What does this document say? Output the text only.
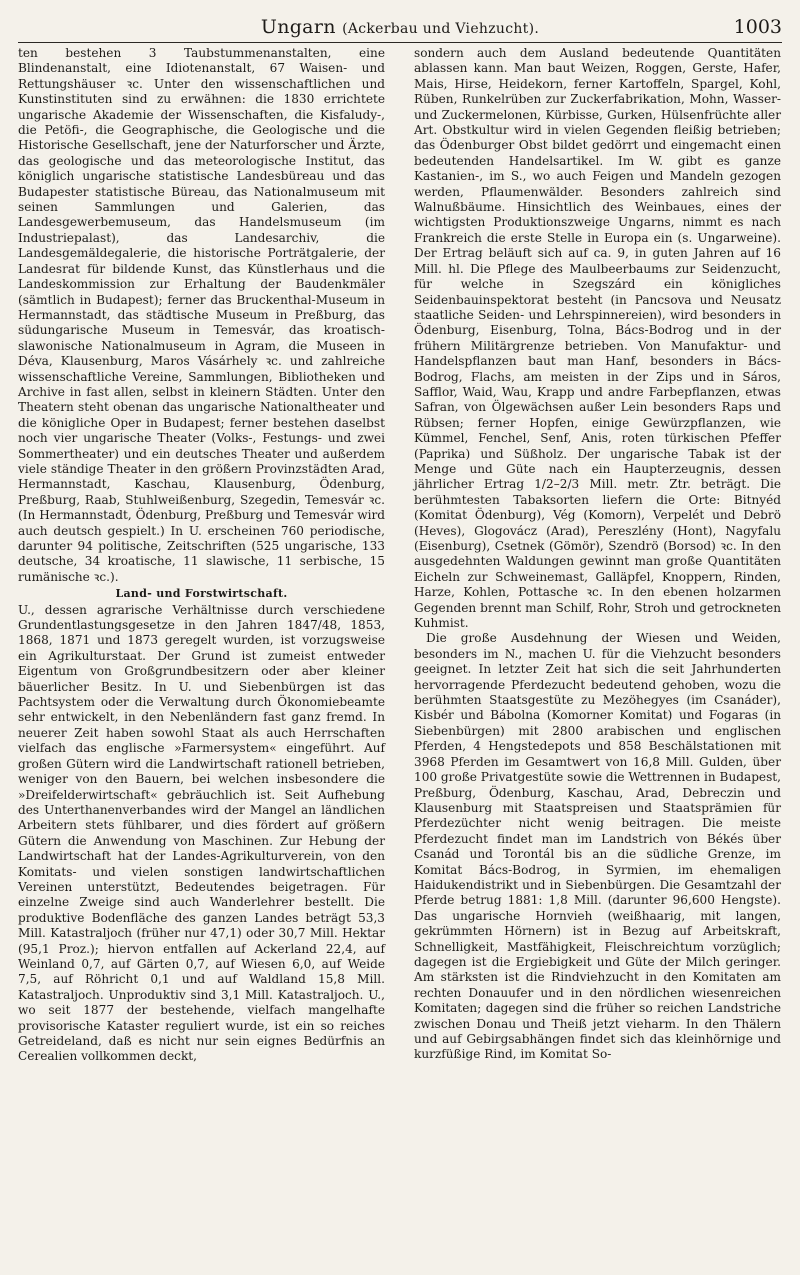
Ungarn (Ackerbau und Viehzucht).	1003

ten bestehen 3 Taubstummenanstalten, eine Blindenanstalt, eine Idiotenanstalt, 67 Waisen- und Rettungshäuser ꝛc. Unter den wissenschaftlichen und Kunstinstituten sind zu erwähnen: die 1830 errichtete ungarische Akademie der Wissenschaften, die Kisfaludy-, die Petöfi-, die Geographische, die Geologische und die Historische Gesellschaft, jene der Naturforscher und Ärzte, das geologische und das meteorologische Institut, das königlich ungarische statistische Landesbüreau und das Budapester statistische Büreau, das Nationalmuseum mit seinen Sammlungen und Galerien, das Landesgewerbemuseum, das Handelsmuseum (im Industriepalast), das Landesarchiv, die Landesgemäldegalerie, die historische Porträtgalerie, der Landesrat für bildende Kunst, das Künstlerhaus und die Landeskommission zur Erhaltung der Baudenkmäler (sämtlich in Budapest); ferner das Bruckenthal-Museum in Hermannstadt, das städtische Museum in Preßburg, das südungarische Museum in Temesvár, das kroatisch-slawonische Nationalmuseum in Agram, die Museen in Déva, Klausenburg, Maros Vásárhely ꝛc. und zahlreiche wissenschaftliche Vereine, Sammlungen, Bibliotheken und Archive in fast allen, selbst in kleinern Städten. Unter den Theatern steht obenan das ungarische Nationaltheater und die königliche Oper in Budapest; ferner bestehen daselbst noch vier ungarische Theater (Volks-, Festungs- und zwei Sommertheater) und ein deutsches Theater und außerdem viele ständige Theater in den größern Provinzstädten Arad, Hermannstadt, Kaschau, Klausenburg, Ödenburg, Preßburg, Raab, Stuhlweißenburg, Szegedin, Temesvár ꝛc. (In Hermannstadt, Ödenburg, Preßburg und Temesvár wird auch deutsch gespielt.) In U. erscheinen 760 periodische, darunter 94 politische, Zeitschriften (525 ungarische, 133 deutsche, 34 kroatische, 11 slawische, 11 serbische, 15 rumänische ꝛc.).

Land- und Forstwirtschaft.

U., dessen agrarische Verhältnisse durch verschiedene Grundentlastungsgesetze in den Jahren 1847/48, 1853, 1868, 1871 und 1873 geregelt wurden, ist vorzugsweise ein Agrikulturstaat. Der Grund ist zumeist entweder Eigentum von Großgrundbesitzern oder aber kleiner bäuerlicher Besitz. In U. und Siebenbürgen ist das Pachtsystem oder die Verwaltung durch Ökonomiebeamte sehr entwickelt, in den Nebenländern fast ganz fremd. In neuerer Zeit haben sowohl Staat als auch Herrschaften vielfach das englische »Farmersystem« eingeführt. Auf großen Gütern wird die Landwirtschaft rationell betrieben, weniger von den Bauern, bei welchen insbesondere die »Dreifelderwirtschaft« gebräuchlich ist. Seit Aufhebung des Unterthanenverbandes wird der Mangel an ländlichen Arbeitern stets fühlbarer, und dies fördert auf größern Gütern die Anwendung von Maschinen. Zur Hebung der Landwirtschaft hat der Landes-Agrikulturverein, von den Komitats- und vielen sonstigen landwirtschaftlichen Vereinen unterstützt, Bedeutendes beigetragen. Für einzelne Zweige sind auch Wanderlehrer bestellt. Die produktive Bodenfläche des ganzen Landes beträgt 53,3 Mill. Katastraljoch (früher nur 47,1) oder 30,7 Mill. Hektar (95,1 Proz.); hiervon entfallen auf Ackerland 22,4, auf Weinland 0,7, auf Gärten 0,7, auf Wiesen 6,0, auf Weide 7,5, auf Röhricht 0,1 und auf Waldland 15,8 Mill. Katastraljoch. Unproduktiv sind 3,1 Mill. Katastraljoch. U., wo seit 1877 der bestehende, vielfach mangelhafte provisorische Kataster reguliert wurde, ist ein so reiches Getreideland, daß es nicht nur sein eignes Bedürfnis an Cerealien vollkommen deckt,

sondern auch dem Ausland bedeutende Quantitäten ablassen kann. Man baut Weizen, Roggen, Gerste, Hafer, Mais, Hirse, Heidekorn, ferner Kartoffeln, Spargel, Kohl, Rüben, Runkelrüben zur Zuckerfabrikation, Mohn, Wasser- und Zuckermelonen, Kürbisse, Gurken, Hülsenfrüchte aller Art. Obstkultur wird in vielen Gegenden fleißig betrieben; das Ödenburger Obst bildet gedörrt und eingemacht einen bedeutenden Handelsartikel. Im W. gibt es ganze Kastanien-, im S., wo auch Feigen und Mandeln gezogen werden, Pflaumenwälder. Besonders zahlreich sind Walnußbäume. Hinsichtlich des Weinbaues, eines der wichtigsten Produktionszweige Ungarns, nimmt es nach Frankreich die erste Stelle in Europa ein (s. Ungarweine). Der Ertrag beläuft sich auf ca. 9, in guten Jahren auf 16 Mill. hl. Die Pflege des Maulbeerbaums zur Seidenzucht, für welche in Szegszárd ein königliches Seidenbauinspektorat besteht (in Pancsova und Neusatz staatliche Seiden- und Lehrspinnereien), wird besonders in Ödenburg, Eisenburg, Tolna, Bács-Bodrog und in der frühern Militärgrenze betrieben. Von Manufaktur- und Handelspflanzen baut man Hanf, besonders in Bács-Bodrog, Flachs, am meisten in der Zips und in Sáros, Safflor, Waid, Wau, Krapp und andre Farbepflanzen, etwas Safran, von Ölgewächsen außer Lein besonders Raps und Rübsen; ferner Hopfen, einige Gewürzpflanzen, wie Kümmel, Fenchel, Senf, Anis, roten türkischen Pfeffer (Paprika) und Süßholz. Der ungarische Tabak ist der Menge und Güte nach ein Haupterzeugnis, dessen jährlicher Ertrag 1/2–2/3 Mill. metr. Ztr. beträgt. Die berühmtesten Tabaksorten liefern die Orte: Bitnyéd (Komitat Ödenburg), Vég (Komorn), Verpelét und Debrö (Heves), Glogovácz (Arad), Pereszlény (Hont), Nagyfalu (Eisenburg), Csetnek (Gömör), Szendrö (Borsod) ꝛc. In den ausgedehnten Waldungen gewinnt man große Quantitäten Eicheln zur Schweinemast, Galläpfel, Knoppern, Rinden, Harze, Kohlen, Pottasche ꝛc. In den ebenen holzarmen Gegenden brennt man Schilf, Rohr, Stroh und getrockneten Kuhmist.

Die große Ausdehnung der Wiesen und Weiden, besonders im N., machen U. für die Viehzucht besonders geeignet. In letzter Zeit hat sich die seit Jahrhunderten hervorragende Pferdezucht bedeutend gehoben, wozu die berühmten Staatsgestüte zu Mezöhegyes (im Csanáder), Kisbér und Bábolna (Komorner Komitat) und Fogaras (in Siebenbürgen) mit 2800 arabischen und englischen Pferden, 4 Hengstedepots und 858 Beschälstationen mit 3968 Pferden im Gesamtwert von 16,8 Mill. Gulden, über 100 große Privatgestüte sowie die Wettrennen in Budapest, Preßburg, Ödenburg, Kaschau, Arad, Debreczin und Klausenburg mit Staatspreisen und Staatsprämien für Pferdezüchter nicht wenig beitragen. Die meiste Pferdezucht findet man im Landstrich von Békés über Csanád und Torontál bis an die südliche Grenze, im Komitat Bács-Bodrog, in Syrmien, im ehemaligen Haidukendistrikt und in Siebenbürgen. Die Gesamtzahl der Pferde betrug 1881: 1,8 Mill. (darunter 96,600 Hengste). Das ungarische Hornvieh (weißhaarig, mit langen, gekrümmten Hörnern) ist in Bezug auf Arbeitskraft, Schnelligkeit, Mastfähigkeit, Fleischreichtum vorzüglich; dagegen ist die Ergiebigkeit und Güte der Milch geringer. Am stärksten ist die Rindviehzucht in den Komitaten am rechten Donauufer und in den nördlichen wiesenreichen Komitaten; dagegen sind die früher so reichen Landstriche zwischen Donau und Theiß jetzt vieharm. In den Thälern und auf Gebirgsabhängen findet sich das kleinhörnige und kurzfüßige Rind, im Komitat So-
